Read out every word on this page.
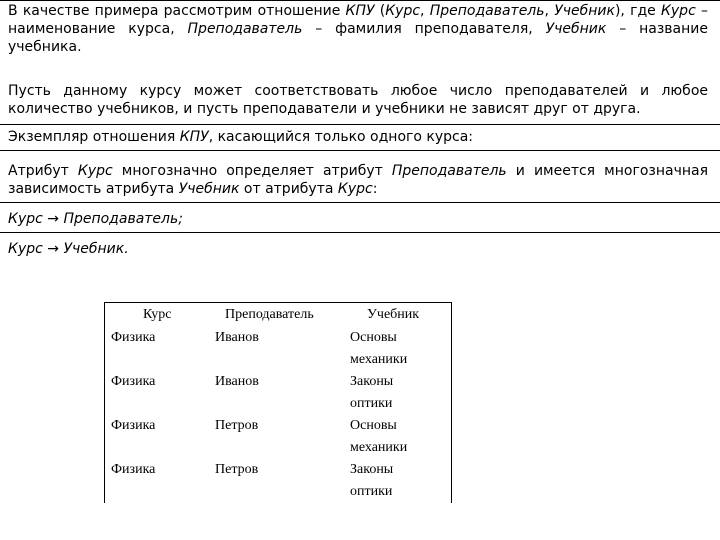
В качестве примера рассмотрим отношение КПУ (Курс, Преподаватель, Учебник), где Курс – наименование курса, Преподаватель – фамилия преподавателя, Учебник – название учебника.

Пусть данному курсу может соответствовать любое число преподавателей и любое количество учебников, и пусть преподаватели и учебники не зависят друг от друга.

Экземпляр отношения КПУ, касающийся только одного курса:

Атрибут Курс многозначно определяет атрибут Преподаватель и имеется многозначная зависимость атрибута Учебник от атрибута Курс:

Курс → Преподаватель;

Курс → Учебник.

Курс	Преподаватель	Учебник
Физика	Иванов	Основы
механики
Физика	Иванов	Законы
оптики
Физика	Петров	Основы
механики
Физика	Петров	Законы
оптики
